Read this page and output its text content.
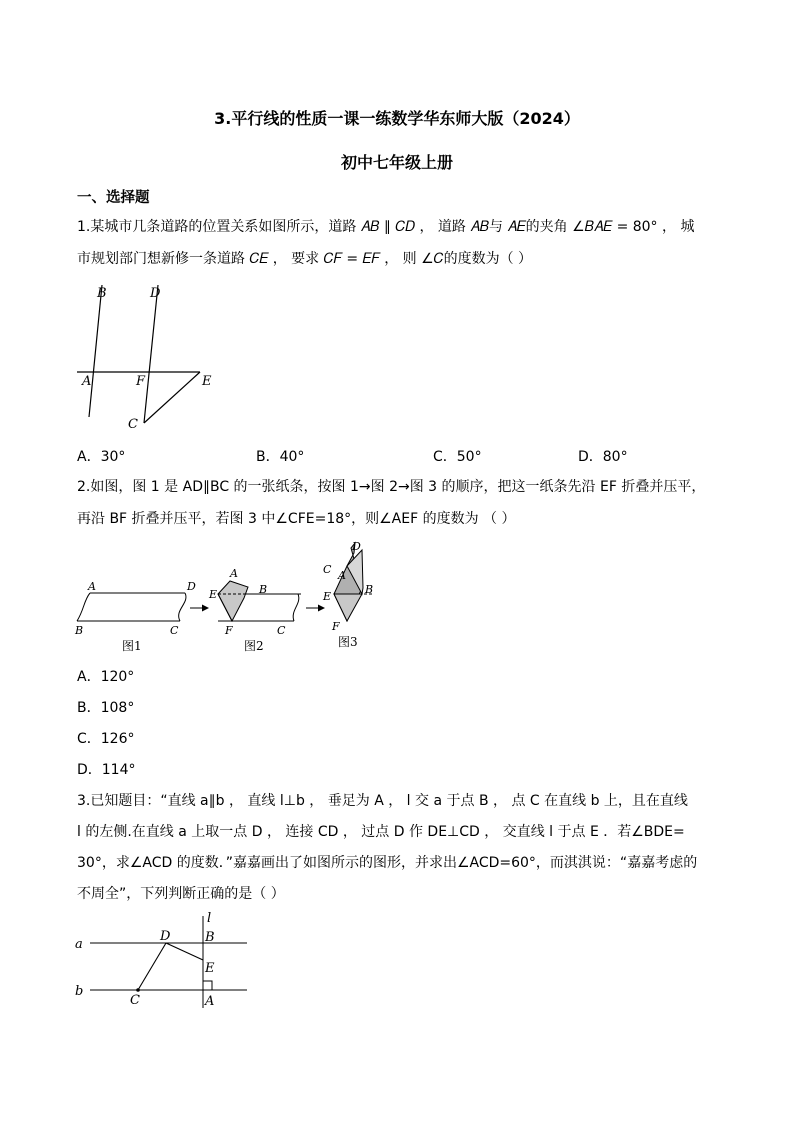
3.平行线的性质一课一练数学华东师大版（2024）
初中七年级上册
一、选择题
1.某城市几条道路的位置关系如图所示，道路 𝐴𝐵 ∥ 𝐶𝐷 ， 道路 𝐴𝐵与 𝐴𝐸的夹角 ∠𝐵𝐴𝐸 = 80° ， 城
市规划部门想新修一条道路 𝐶𝐸 ， 要求 𝐶𝐹 = 𝐸𝐹 ， 则 ∠𝐶的度数为（ ）
B	D
A	F	E
C
A．30°	B．40°	C．50°	D．80°
2.如图，图 1 是 AD∥BC 的一张纸条，按图 1→图 2→图 3 的顺序，把这一纸条先沿 EF 折叠并压平，
再沿 BF 折叠并压平，若图 3 中∠CFE=18°，则∠AEF 的度数为 （ ）
A	D
B	C
图1
A
E	B
F	C
图2
D
C A
E
B
F
图3
A．120°
B．108°
C．126°
D．114°
3.已知题目：“直线 a∥b ， 直线 l⊥b ， 垂足为 A ， l 交 a 于点 B ， 点 C 在直线 b 上，且在直线
l 的左侧.在直线 a 上取一点 D ， 连接 CD ， 过点 D 作 DE⊥CD ， 交直线 l 于点 E ．若∠BDE=
30°，求∠ACD 的度数．”嘉嘉画出了如图所示的图形，并求出∠ACD=60°，而淇淇说：“嘉嘉考虑的
不周全”，下列判断正确的是（ ）
l
a
D	B
E
b
C	A
